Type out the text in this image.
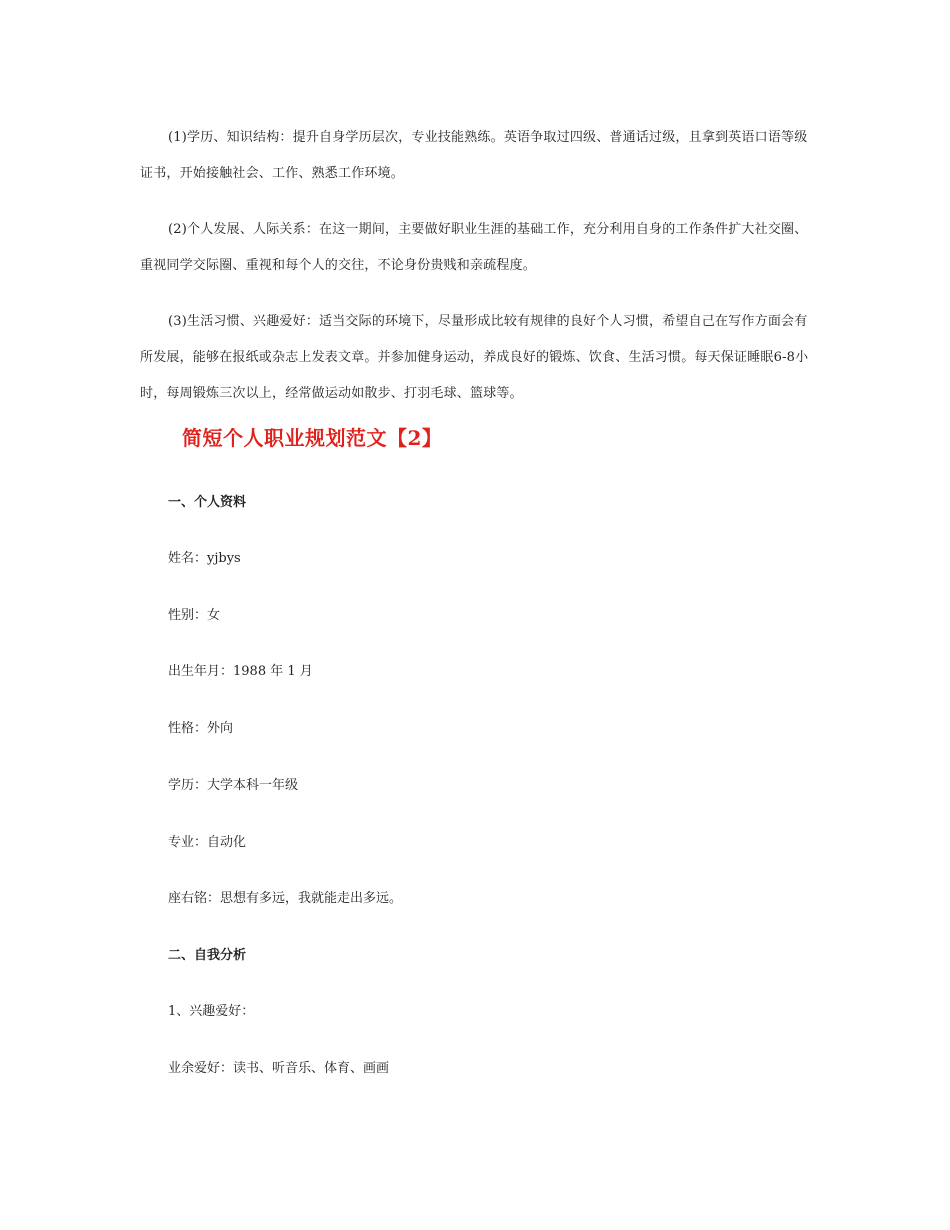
(1)学历、知识结构：提升自身学历层次，专业技能熟练。英语争取过四级、普通话过级，且拿到英语口语等级证书，开始接触社会、工作、熟悉工作环境。

(2)个人发展、人际关系：在这一期间，主要做好职业生涯的基础工作，充分利用自身的工作条件扩大社交圈、重视同学交际圈、重视和每个人的交往，不论身份贵贱和亲疏程度。

(3)生活习惯、兴趣爱好：适当交际的环境下，尽量形成比较有规律的良好个人习惯，希望自己在写作方面会有所发展，能够在报纸或杂志上发表文章。并参加健身运动，养成良好的锻炼、饮食、生活习惯。每天保证睡眠6-8小时，每周锻炼三次以上，经常做运动如散步、打羽毛球、篮球等。

简短个人职业规划范文【2】

一、个人资料

姓名：yjbys

性别：女

出生年月：1988 年 1 月

性格：外向

学历：大学本科一年级

专业：自动化

座右铭：思想有多远，我就能走出多远。

二、自我分析

1、兴趣爱好：

业余爱好：读书、听音乐、体育、画画
